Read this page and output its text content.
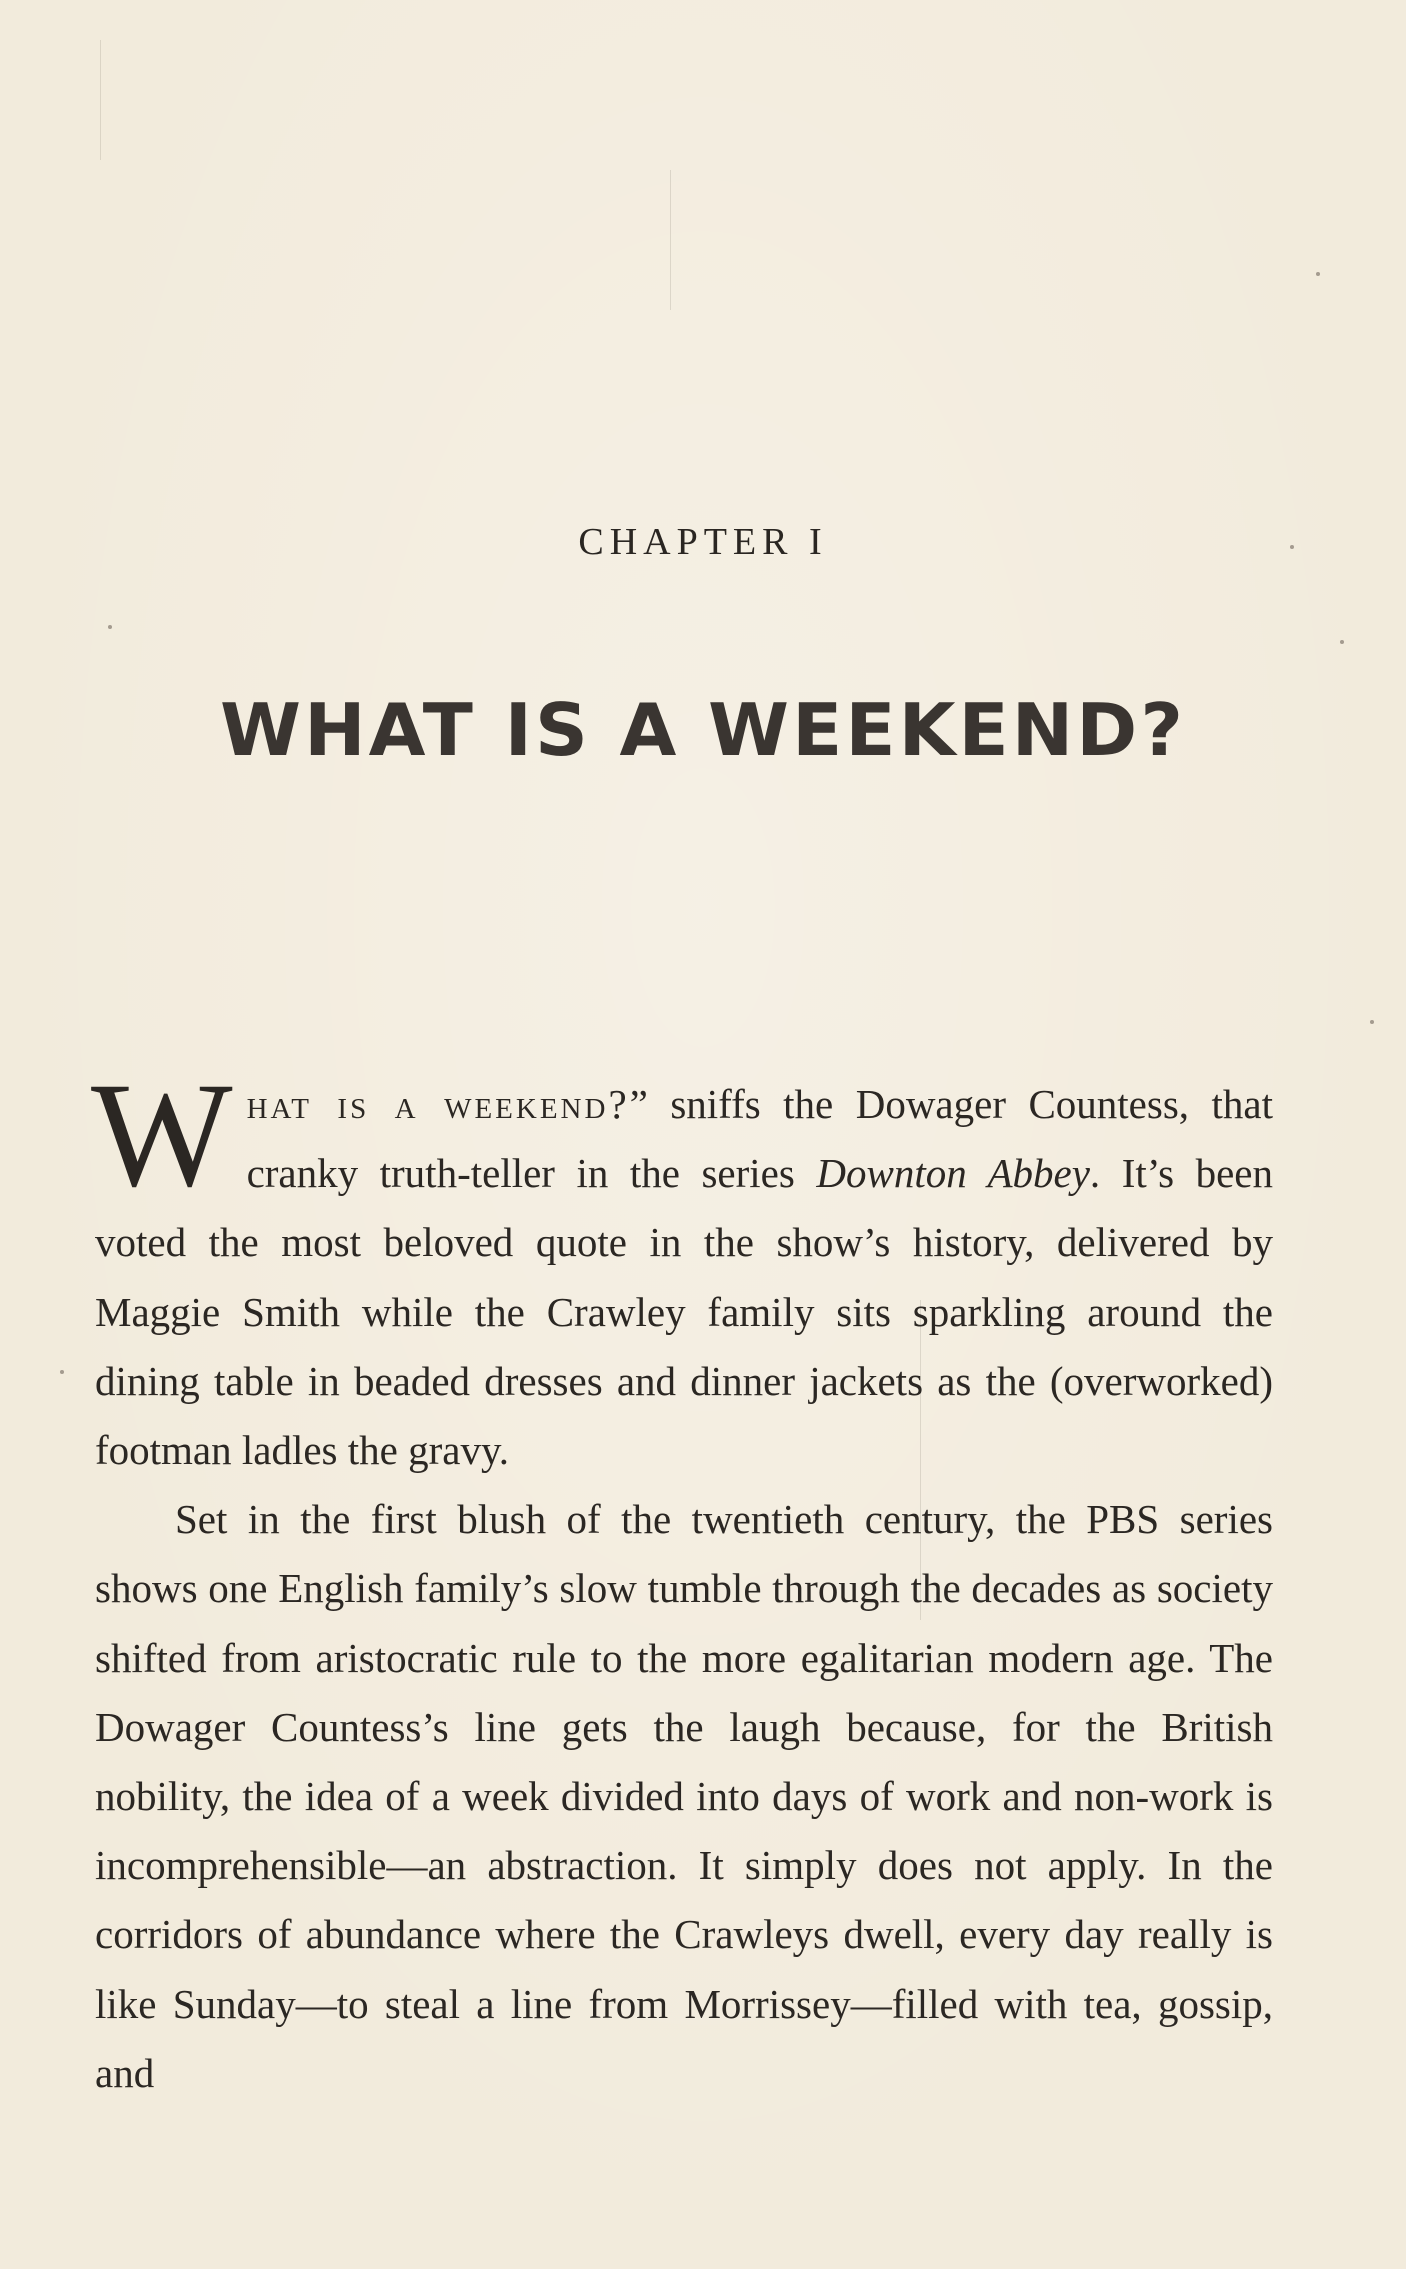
CHAPTER I
WHAT IS A WEEKEND?

What is a weekend?” sniffs the Dowager Countess, that cranky truth-teller in the series Downton Abbey. It’s been voted the most beloved quote in the show’s history, delivered by Maggie Smith while the Crawley family sits sparkling around the dining table in beaded dresses and dinner jackets as the (overworked) footman ladles the gravy.

Set in the first blush of the twentieth century, the PBS series shows one English family’s slow tumble through the decades as society shifted from aristocratic rule to the more egalitarian modern age. The Dowager Countess’s line gets the laugh because, for the British nobility, the idea of a week divided into days of work and non-work is incomprehensible—an abstraction. It simply does not apply. In the corridors of abundance where the Crawleys dwell, every day really is like Sunday—to steal a line from Morrissey—filled with tea, gossip, and
